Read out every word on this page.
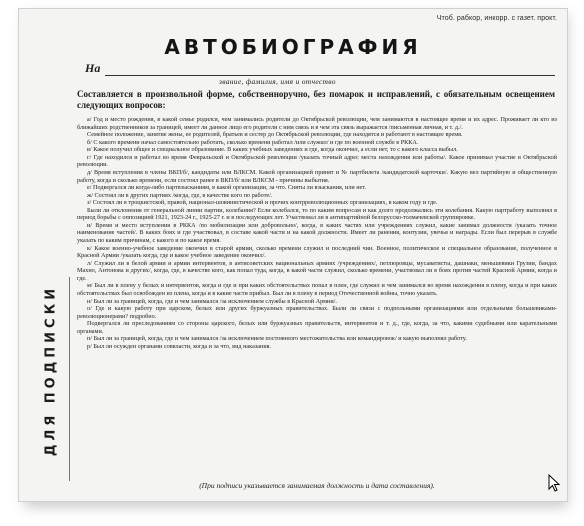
Чтоб. рабкор, инкорр. с газет. прокт.
АВТОБИОГРАФИЯ
На
звание, фамилия, имя и отчество
ДЛЯ ПОДПИСКИ
Составляется в произвольной форме, собственноручно, без помарок и исправлений, с обязательным освещением следующих вопросов:

а/ Год и место рождения, в какой семье родился, чем занимались родители до Октябрьской революции, чем занимаются в настоящее время и их адрес. Проживает ли кто из ближайших родственников за границей, имеет ли данное лицо его родители с ним связь и в чем эта связь выражается /письменная личная, и т. д./.

Семейное положение, занятие жены, ее родителей, братьев и сестер до Октябрьской революции, где находятся и работают в настоящее время.

б/ С какого времени начал самостоятельно работать, сколько времени работал /или служил/ и где по военной службе в РККА.

в/ Какое получил общее и специальное образование. В каких учебных заведениях и где, когда окончил, а если нет, то с какого класса выбыл.

г/ Где находился и работал во время Февральской и Октябрьской революции /указать точный адрес места нахождения или работы/. Какое принимал участие в Октябрьской революции.

д/ Время вступления в члены ВКП/б/, кандидаты или ВЛКСМ. Какой организацией принят и № партбилета /кандидатской карточки/. Какую вел партийную и общественную работу, когда и сколько времени, если состоял ранее в ВКП/б/ или ВЛКСМ - причины выбытия.

е/ Подвергался ли когда-либо партвзысканиям, в какой организации, за что. Сняты ли взыскания, или нет.

ж/ Состоял ли в других партиях /когда, где, в качестве кого по работе/.

з/ Состоял ли в троцкистской, правой, национал-шовинистической и прочих контрреволюционных организациях, в каком году и где.

Были ли отклонения от генеральной линии партии, колебания? Если колебался, то по каким вопросам и как долго продолжались эти колебания. Какую партработу выполнял в период борьбы с оппозицией 1921, 1923-24 г., 1925-27 г. и в последующих лет. Участвовал ли в антипартийной белорусско-толмачевской группировке.

и/ Время и место вступления в РККА /по мобилизации или добровольно/, когда, в каких частях или учреждениях служил, какие занимал должности /указать точное наименование частей/. В каких боях и где участвовал, в составе какой части и на какой должности. Имеет ли ранения, контузии, увечья и награды. Если был перерыв в службе указать по каким причинам, с какого и по какое время.

к/ Какое военно-учебное заведение окончил в старой армии, сколько времени служил и последний чин. Военное, политическое и специальное образование, полученное в Красной Армии /указать когда, где и какое учебное заведение окончил/.

л/ Служил ли в белой армии и армии интервентов, в антисоветских национальных армиях /учреждениях/, петлюровцы, мусаватисты, дашнаки, меньшевики Грузии, бандах Махно, Антонова и других/, когда, где, в качестве кого, как попал туда, когда, в какой части служил, сколько времени, участвовал ли в боях против частей Красной Армии, когда и где.

м/ Был ли в плену у белых и интервентов, когда и где и при каких обстоятельствах попал в плен, где служил и чем занимался во время нахождения в плену, когда и при каких обстоятельствах был освобожден из плена, когда и в какие части прибыл. Был ли в плену в период Отечественной войны, точно указать.

н/ Был ли за границей, когда, где и чем занимался /за исключением службы в Красной Армии/.

о/ Где и какую работу при царском, белых или других буржуазных правительствах. Были ли связи с подпольными организациями или отдельными большевиками-революционерами? подробно.

Подвергался ли преследованиям со стороны царского, белых или буржуазных правительств, интервентов и т. д., где, когда, за что, какими судебными или карательными органами.

п/ Был ли за границей, когда, где и чем занимался /за исключением постоянного местожительства или командировок/ и какую выполнял работу.

р/ Был ли осужден органами соввласти, когда и за что, вид наказания.

(При подписи указывается занимаемая должность и дата составления).
